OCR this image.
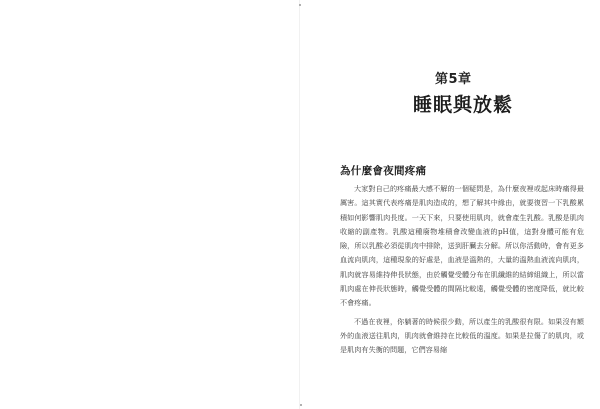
第5章
睡眠與放鬆
為什麼會夜間疼痛

大家對自己的疼痛最大感不解的一個疑問是，為什麼夜裡或起床時痛得最厲害。這其實代表疼痛是肌肉造成的，想了解其中緣由，就要復習一下乳酸累積如何影響肌肉長度。一天下來，只要使用肌肉，就會產生乳酸。乳酸是肌肉收縮的副產物。乳酸這種廢物堆積會改變血液的pH值，這對身體可能有危險，所以乳酸必須從肌肉中排除，送到肝臟去分解。所以你活動時，會有更多血流向肌肉，這種現象的好處是，血液是溫熱的，大量的溫熱血液流向肌肉，肌肉就容易維持伸長狀態，由於觸覺受體分布在肌纖維的結締組織上，所以當肌肉處在伸長狀態時，觸覺受體的間隔比較遠，觸覺受體的密度降低，就比較不會疼痛。

不過在夜裡，你躺著的時候很少動，所以產生的乳酸很有限。如果沒有額外的血液送往肌肉，肌肉就會維持在比較低的溫度。如果是拉傷了的肌肉，或是肌肉有失衡的問題，它們容易縮
